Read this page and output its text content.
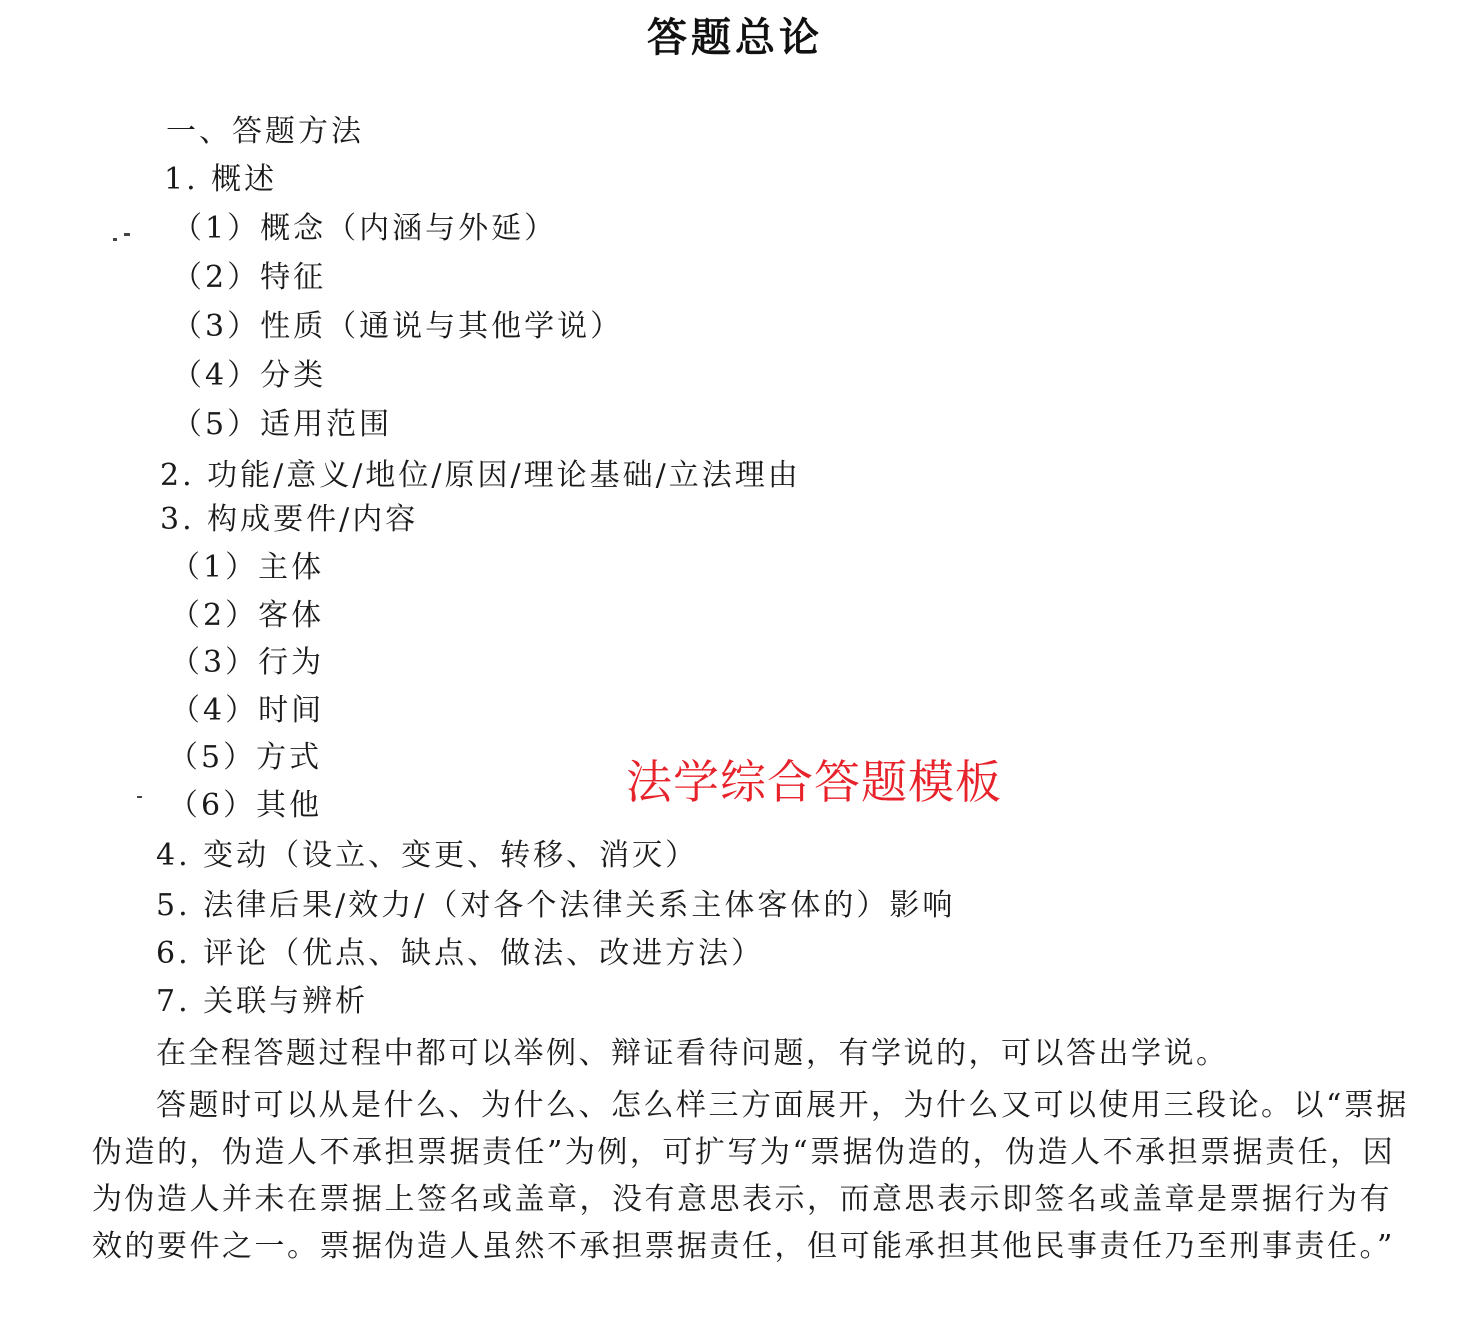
答题总论
一、答题方法
1. 概述
（1）概念（内涵与外延）
（2）特征
（3）性质（通说与其他学说）
（4）分类
（5）适用范围
2. 功能/意义/地位/原因/理论基础/立法理由
3. 构成要件/内容
（1）主体
（2）客体
（3）行为
（4）时间
（5）方式
（6）其他
4. 变动（设立、变更、转移、消灭）
5. 法律后果/效力/（对各个法律关系主体客体的）影响
6. 评论（优点、缺点、做法、改进方法）
7. 关联与辨析
法学综合答题模板
在全程答题过程中都可以举例、辩证看待问题，有学说的，可以答出学说。
答题时可以从是什么、为什么、怎么样三方面展开，为什么又可以使用三段论。以“票据伪造的，伪造人不承担票据责任”为例，可扩写为“票据伪造的，伪造人不承担票据责任，因为伪造人并未在票据上签名或盖章，没有意思表示，而意思表示即签名或盖章是票据行为有效的要件之一。票据伪造人虽然不承担票据责任，但可能承担其他民事责任乃至刑事责任。”
